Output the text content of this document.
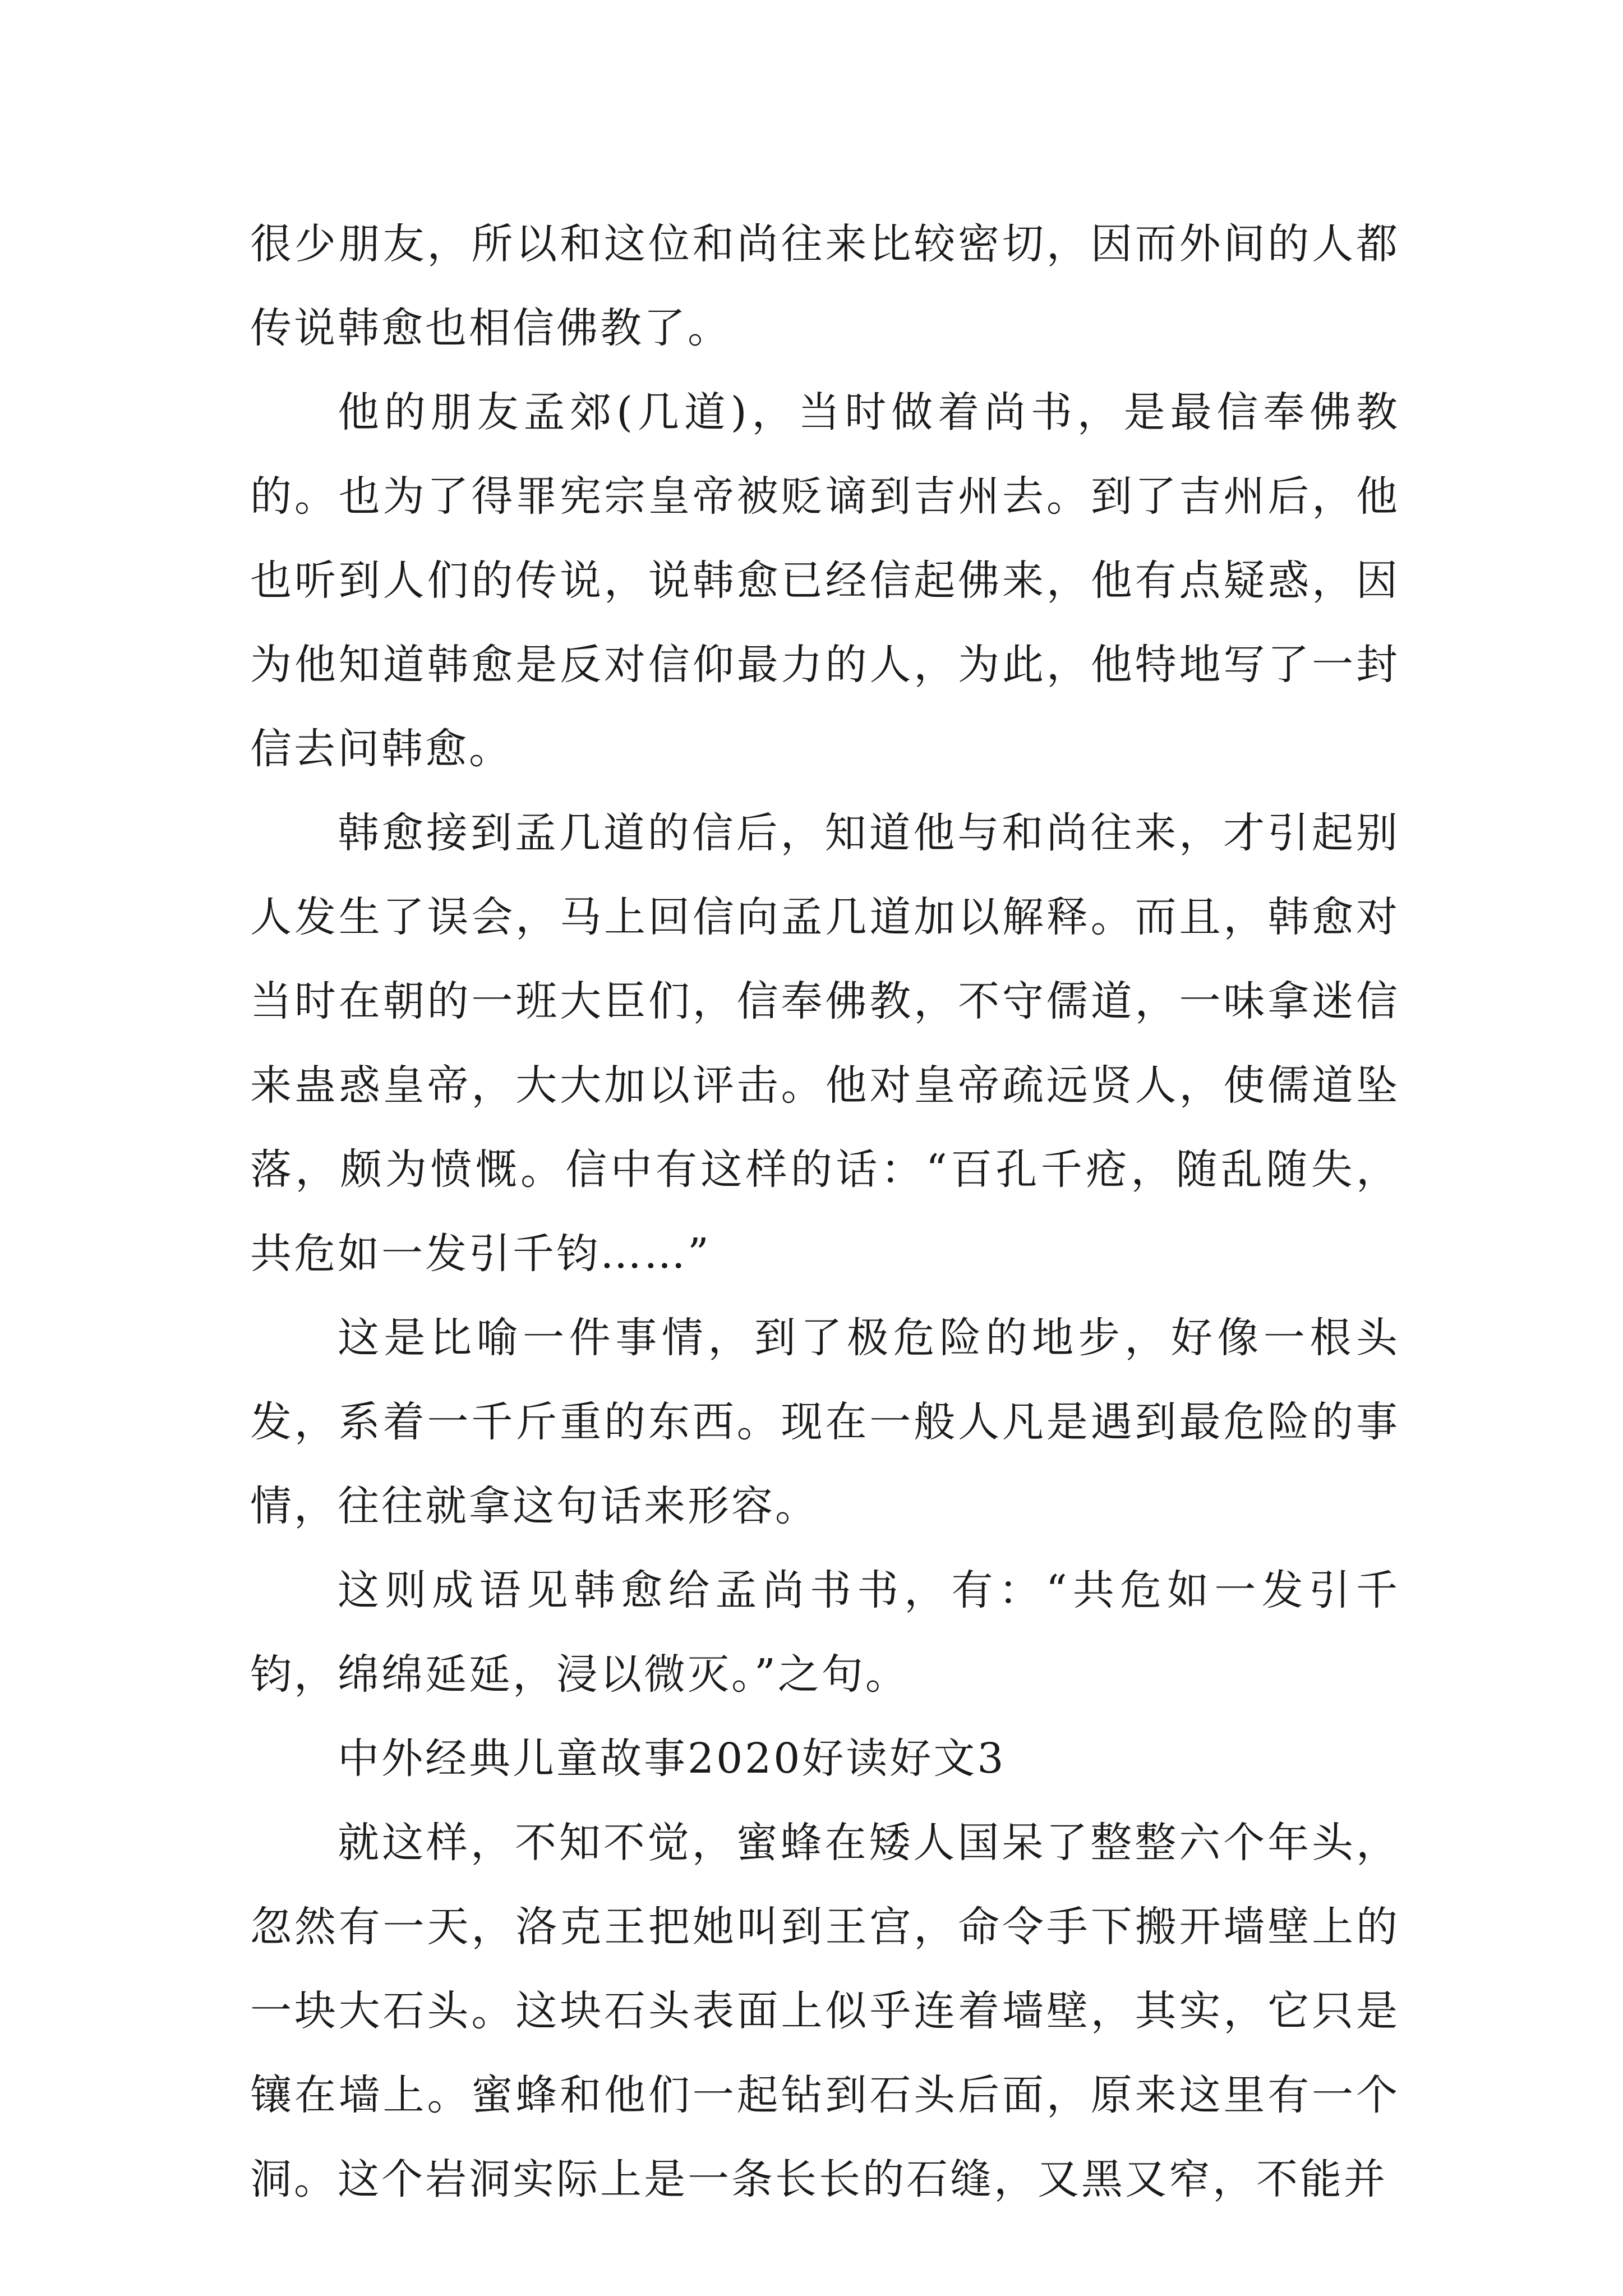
很少朋友，所以和这位和尚往来比较密切，因而外间的人都传说韩愈也相信佛教了。

他的朋友孟郊(几道)，当时做着尚书，是最信奉佛教的。也为了得罪宪宗皇帝被贬谪到吉州去。到了吉州后，他也听到人们的传说，说韩愈已经信起佛来，他有点疑惑，因为他知道韩愈是反对信仰最力的人，为此，他特地写了一封信去问韩愈。

韩愈接到孟几道的信后，知道他与和尚往来，才引起别人发生了误会，马上回信向孟几道加以解释。而且，韩愈对当时在朝的一班大臣们，信奉佛教，不守儒道，一味拿迷信来蛊惑皇帝，大大加以评击。他对皇帝疏远贤人，使儒道坠落，颇为愤慨。信中有这样的话：“百孔千疮，随乱随失，共危如一发引千钧……”

这是比喻一件事情，到了极危险的地步，好像一根头发，系着一千斤重的东西。现在一般人凡是遇到最危险的事情，往往就拿这句话来形容。

这则成语见韩愈给孟尚书书，有：“共危如一发引千钧，绵绵延延，浸以微灭。”之句。

中外经典儿童故事2020好读好文3

就这样，不知不觉，蜜蜂在矮人国呆了整整六个年头，忽然有一天，洛克王把她叫到王宫，命令手下搬开墙壁上的一块大石头。这块石头表面上似乎连着墙壁，其实，它只是镶在墙上。蜜蜂和他们一起钻到石头后面，原来这里有一个洞。这个岩洞实际上是一条长长的石缝，又黑又窄，不能并
